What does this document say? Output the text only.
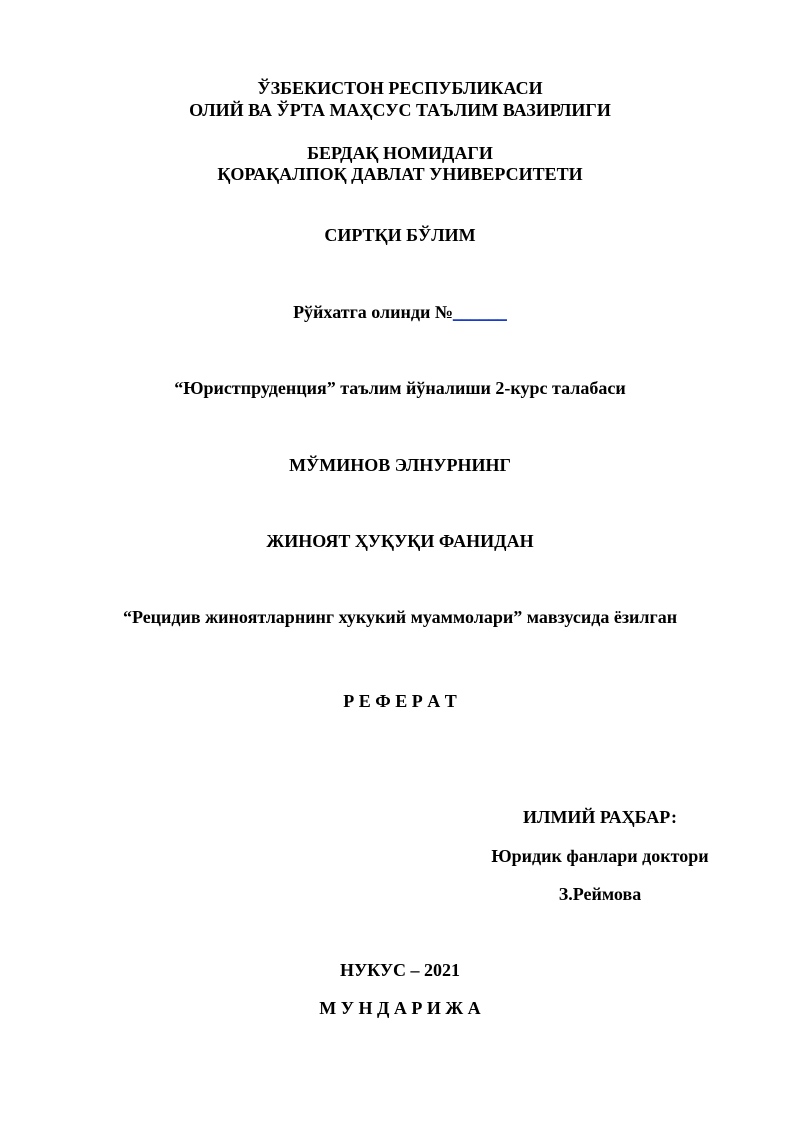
ЎЗБЕКИСТОН РЕСПУБЛИКАСИ
ОЛИЙ ВА ЎРТА МАҲСУС ТАЪЛИМ ВАЗИРЛИГИ
БЕРДАҚ НОМИДАГИ
ҚОРАҚАЛПОҚ ДАВЛАТ УНИВЕРСИТЕТИ
СИРТҚИ БЎЛИМ
Рўйхатга олинди №______
“Юристпруденция” таълим йўналиши 2-курс талабаси
МЎМИНОВ ЭЛНУРНИНГ
ЖИНОЯТ ҲУҚУҚИ ФАНИДАН
“Рецидив жиноятларнинг хукукий муаммолари” мавзусида ёзилган
Р Е Ф Е Р А Т
ИЛМИЙ РАҲБАР:
Юридик фанлари доктори
З.Реймова
НУКУС – 2021
М У Н Д А Р И Ж А
